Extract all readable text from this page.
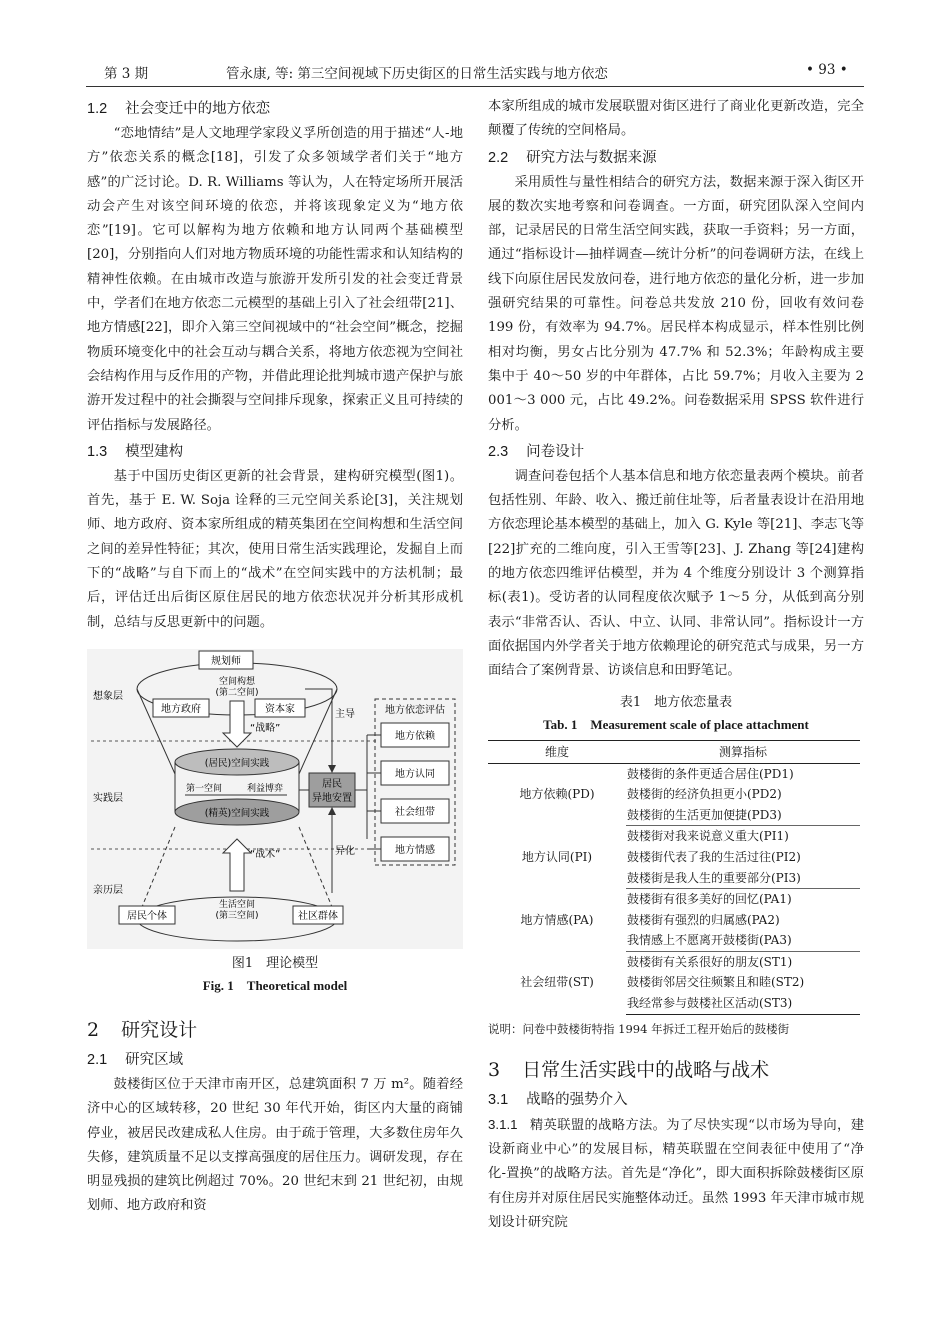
第 3 期	管永康, 等: 第三空间视域下历史街区的日常生活实践与地方依恋	• 93 •
1.2 社会变迁中的地方依恋

“恋地情结”是人文地理学家段义孚所创造的用于描述“人-地方”依恋关系的概念[18]，引发了众多领域学者们关于“地方感”的广泛讨论。D. R. Williams 等认为，人在特定场所开展活动会产生对该空间环境的依恋，并将该现象定义为“地方依恋”[19]。它可以解构为地方依赖和地方认同两个基础模型[20]，分别指向人们对地方物质环境的功能性需求和认知结构的精神性依赖。在由城市改造与旅游开发所引发的社会变迁背景中，学者们在地方依恋二元模型的基础上引入了社会纽带[21]、地方情感[22]，即介入第三空间视域中的“社会空间”概念，挖掘物质环境变化中的社会互动与耦合关系，将地方依恋视为空间社会结构作用与反作用的产物，并借此理论批判城市遗产保护与旅游开发过程中的社会撕裂与空间排斥现象，探索正义且可持续的评估指标与发展路径。

1.3 模型建构

基于中国历史街区更新的社会背景，建构研究模型(图1)。首先，基于 E. W. Soja 诠释的三元空间关系论[3]，关注规划师、地方政府、资本家所组成的精英集团在空间构想和生活空间之间的差异性特征；其次，使用日常生活实践理论，发掘自上而下的“战略”与自下而上的“战术”在空间实践中的方法机制；最后，评估迁出后街区原住居民的地方依恋状况并分析其形成机制，总结与反思更新中的问题。

想象层
实践层
亲历层
规划师
空间构想
(第二空间)
地方政府	资本家
“战略”
(居民)空间实践
第一空间	利益博弈
(精英)空间实践
“战术”
生活空间
(第三空间)
居民个体	社区群体
居民
异地安置
主导
异化
地方依恋评估
地方依赖
地方认同
社会纽带
地方情感
图1　理论模型
Fig. 1　Theoretical model
2 研究设计
2.1 研究区域

鼓楼街区位于天津市南开区，总建筑面积 7 万 m²。随着经济中心的区域转移，20 世纪 30 年代开始，街区内大量的商铺停业，被居民改建成私人住房。由于疏于管理，大多数住房年久失修，建筑质量不足以支撑高强度的居住压力。调研发现，存在明显残损的建筑比例超过 70%。20 世纪末到 21 世纪初，由规划师、地方政府和资

本家所组成的城市发展联盟对街区进行了商业化更新改造，完全颠覆了传统的空间格局。

2.2 研究方法与数据来源

采用质性与量性相结合的研究方法，数据来源于深入街区开展的数次实地考察和问卷调查。一方面，研究团队深入空间内部，记录居民的日常生活空间实践，获取一手资料；另一方面，通过“指标设计—抽样调查—统计分析”的问卷调研方法，在线上线下向原住居民发放问卷，进行地方依恋的量化分析，进一步加强研究结果的可靠性。问卷总共发放 210 份，回收有效问卷 199 份，有效率为 94.7%。居民样本构成显示，样本性别比例相对均衡，男女占比分别为 47.7% 和 52.3%；年龄构成主要集中于 40～50 岁的中年群体，占比 59.7%；月收入主要为 2 001～3 000 元，占比 49.2%。问卷数据采用 SPSS 软件进行分析。

2.3 问卷设计

调查问卷包括个人基本信息和地方依恋量表两个模块。前者包括性别、年龄、收入、搬迁前住址等，后者量表设计在沿用地方依恋理论基本模型的基础上，加入 G. Kyle 等[21]、李志飞等[22]扩充的二维向度，引入王雪等[23]、J. Zhang 等[24]建构的地方依恋四维评估模型，并为 4 个维度分别设计 3 个测算指标(表1)。受访者的认同程度依次赋予 1～5 分，从低到高分别表示“非常否认、否认、中立、认同、非常认同”。指标设计一方面依据国内外学者关于地方依赖理论的研究范式与成果，另一方面结合了案例背景、访谈信息和田野笔记。

表1　地方依恋量表
Tab. 1　Measurement scale of place attachment
维度	测算指标
地方依赖(PD)	鼓楼街的条件更适合居住(PD1)
	鼓楼街的经济负担更小(PD2)
	鼓楼街的生活更加便捷(PD3)
地方认同(PI)	鼓楼街对我来说意义重大(PI1)
	鼓楼街代表了我的生活过往(PI2)
	鼓楼街是我人生的重要部分(PI3)
地方情感(PA)	鼓楼街有很多美好的回忆(PA1)
	鼓楼街有强烈的归属感(PA2)
	我情感上不愿离开鼓楼街(PA3)
社会纽带(ST)	鼓楼街有关系很好的朋友(ST1)
	鼓楼街邻居交往频繁且和睦(ST2)
	我经常参与鼓楼社区活动(ST3)
说明：问卷中鼓楼街特指 1994 年拆迁工程开始后的鼓楼街
3 日常生活实践中的战略与战术
3.1 战略的强势介入

3.1.1 精英联盟的战略方法。为了尽快实现“以市场为导向，建设新商业中心”的发展目标，精英联盟在空间表征中使用了“净化-置换”的战略方法。首先是“净化”，即大面积拆除鼓楼街区原有住房并对原住居民实施整体动迁。虽然 1993 年天津市城市规划设计研究院
